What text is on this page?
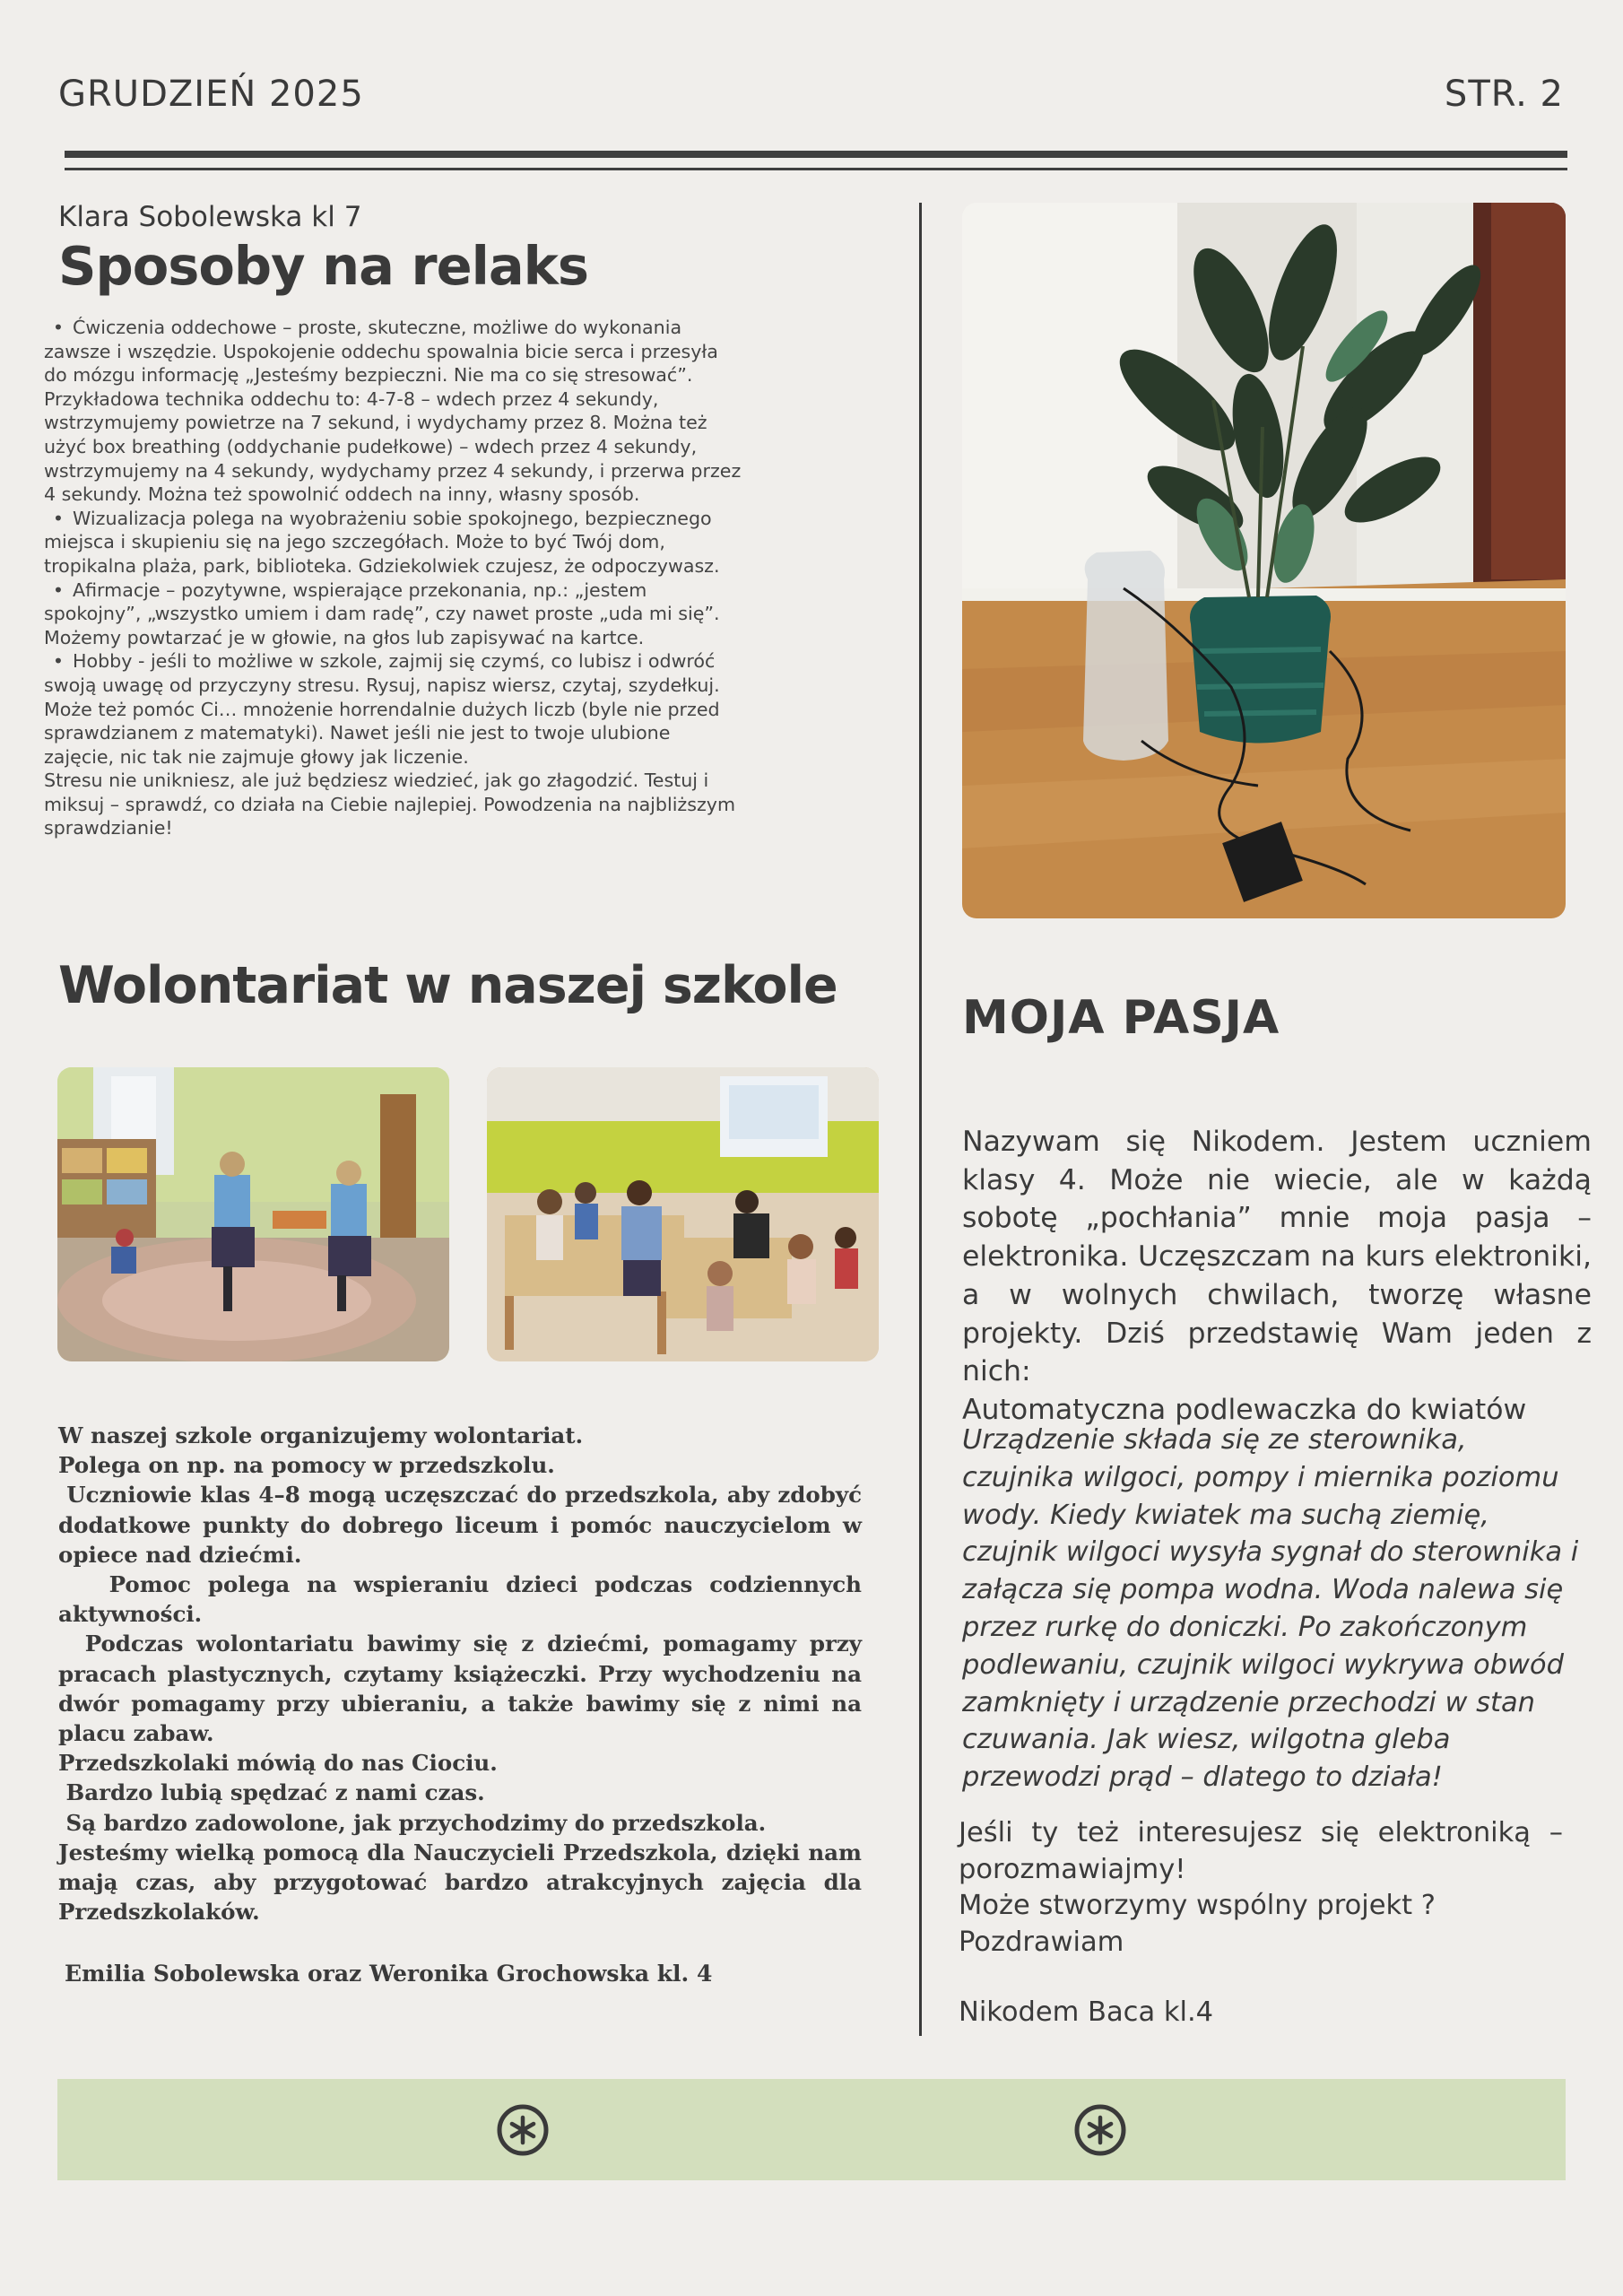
GRUDZIEŃ 2025	STR. 2
Klara Sobolewska kl 7
Sposoby na relaks
• Ćwiczenia oddechowe – proste, skuteczne, możliwe do wykonania zawsze i wszędzie. Uspokojenie oddechu spowalnia bicie serca i przesyła do mózgu informację „Jesteśmy bezpieczni. Nie ma co się stresować”. Przykładowa technika oddechu to: 4-7-8 – wdech przez 4 sekundy, wstrzymujemy powietrze na 7 sekund, i wydychamy przez 8. Można też użyć box breathing (oddychanie pudełkowe) – wdech przez 4 sekundy, wstrzymujemy na 4 sekundy, wydychamy przez 4 sekundy, i przerwa przez 4 sekundy. Można też spowolnić oddech na inny, własny sposób.
• Wizualizacja polega na wyobrażeniu sobie spokojnego, bezpiecznego miejsca i skupieniu się na jego szczegółach. Może to być Twój dom, tropikalna plaża, park, biblioteka. Gdziekolwiek czujesz, że odpoczywasz.
• Afirmacje – pozytywne, wspierające przekonania, np.: „jestem spokojny”, „wszystko umiem i dam radę”, czy nawet proste „uda mi się”. Możemy powtarzać je w głowie, na głos lub zapisywać na kartce.
• Hobby - jeśli to możliwe w szkole, zajmij się czymś, co lubisz i odwróć swoją uwagę od przyczyny stresu. Rysuj, napisz wiersz, czytaj, szydełkuj. Może też pomóc Ci… mnożenie horrendalnie dużych liczb (byle nie przed sprawdzianem z matematyki). Nawet jeśli nie jest to twoje ulubione zajęcie, nic tak nie zajmuje głowy jak liczenie.

Stresu nie unikniesz, ale już będziesz wiedzieć, jak go złagodzić. Testuj i miksuj – sprawdź, co działa na Ciebie najlepiej. Powodzenia na najbliższym sprawdzianie!

Wolontariat w naszej szkole

W naszej szkole organizujemy wolontariat.

Polega on np. na pomocy w przedszkolu.

Uczniowie klas 4–8 mogą uczęszczać do przedszkola, aby zdobyć dodatkowe punkty do dobrego liceum i pomóc nauczycielom w opiece nad dziećmi.

Pomoc polega na wspieraniu dzieci podczas codziennych aktywności.

Podczas wolontariatu bawimy się z dziećmi, pomagamy przy pracach plastycznych, czytamy książeczki. Przy wychodzeniu na dwór pomagamy przy ubieraniu, a także bawimy się z nimi na placu zabaw.

Przedszkolaki mówią do nas Ciociu.

Bardzo lubią spędzać z nami czas.

Są bardzo zadowolone, jak przychodzimy do przedszkola.

Jesteśmy wielką pomocą dla Nauczycieli Przedszkola, dzięki nam mają czas, aby przygotować bardzo atrakcyjnych zajęcia dla Przedszkolaków.

Emilia Sobolewska oraz Weronika Grochowska kl. 4
MOJA PASJA
Nazywam się Nikodem. Jestem uczniem klasy 4. Może nie wiecie, ale w każdą sobotę „pochłania” mnie moja pasja – elektronika. Uczęszczam na kurs elektroniki, a w wolnych chwilach, tworzę własne projekty. Dziś przedstawię Wam jeden z nich:
Automatyczna podlewaczka do kwiatów
Urządzenie składa się ze sterownika, czujnika wilgoci, pompy i miernika poziomu wody. Kiedy kwiatek ma suchą ziemię, czujnik wilgoci wysyła sygnał do sterownika i załącza się pompa wodna. Woda nalewa się przez rurkę do doniczki. Po zakończonym podlewaniu, czujnik wilgoci wykrywa obwód zamknięty i urządzenie przechodzi w stan czuwania. Jak wiesz, wilgotna gleba przewodzi prąd – dlatego to działa!

Jeśli ty też interesujesz się elektroniką – porozmawiajmy!

Może stworzymy wspólny projekt ?

Pozdrawiam

Nikodem Baca kl.4
